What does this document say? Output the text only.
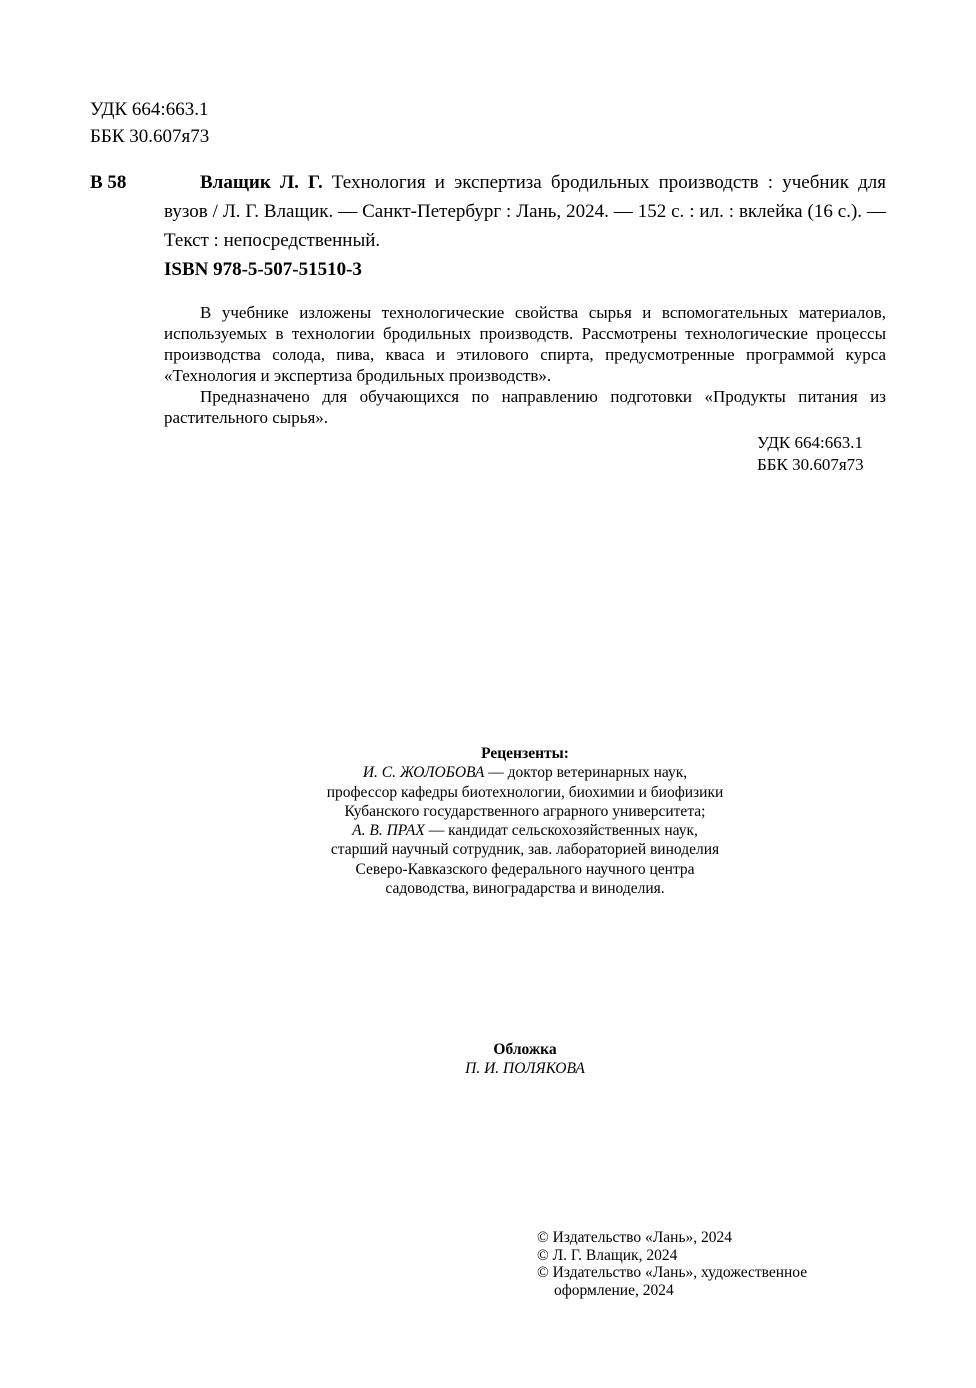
УДК 664:663.1
ББК 30.607я73
В 58	Влащик Л. Г. Технология и экспертиза бродильных производств : учебник для вузов / Л. Г. Влащик. — Санкт-Петербург : Лань, 2024. — 152 с. : ил. : вклейка (16 с.). — Текст : непосредственный.

ISBN 978-5-507-51510-3

В учебнике изложены технологические свойства сырья и вспомогательных материалов, используемых в технологии бродильных производств. Рассмотрены технологические процессы производства солода, пива, кваса и этилового спирта, предусмотренные программой курса «Технология и экспертиза бродильных производств».

Предназначено для обучающихся по направлению подготовки «Продукты питания из растительного сырья».

УДК 664:663.1
ББК 30.607я73
Рецензенты:
И. С. ЖОЛОБОВА — доктор ветеринарных наук,
профессор кафедры биотехнологии, биохимии и биофизики
Кубанского государственного аграрного университета;
А. В. ПРАХ — кандидат сельскохозяйственных наук,
старший научный сотрудник, зав. лабораторией виноделия
Северо-Кавказского федерального научного центра
садоводства, виноградарства и виноделия.
Обложка
П. И. ПОЛЯКОВА
© Издательство «Лань», 2024
© Л. Г. Влащик, 2024
© Издательство «Лань», художественное
оформление, 2024
